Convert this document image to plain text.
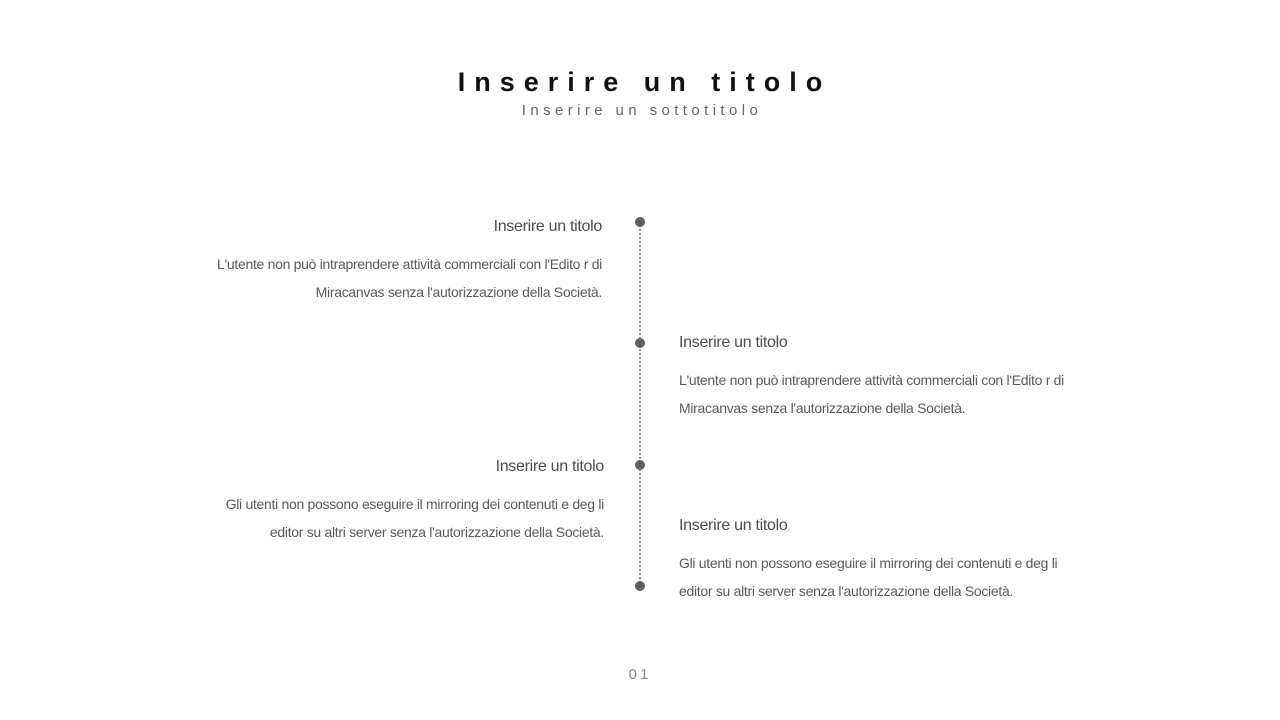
Inserire un titolo
Inserire un sottotitolo
Inserire un titolo
L'utente non può intraprendere attività commerciali con l'Edito r di Miracanvas senza l'autorizzazione della Società.
Inserire un titolo
L'utente non può intraprendere attività commerciali con l'Edito r di Miracanvas senza l'autorizzazione della Società.
Inserire un titolo
Gli utenti non possono eseguire il mirroring dei contenuti e deg li editor su altri server senza l'autorizzazione della Società.	Inserire un titolo
Gli utenti non possono eseguire il mirroring dei contenuti e deg li editor su altri server senza l'autorizzazione della Società.
01
